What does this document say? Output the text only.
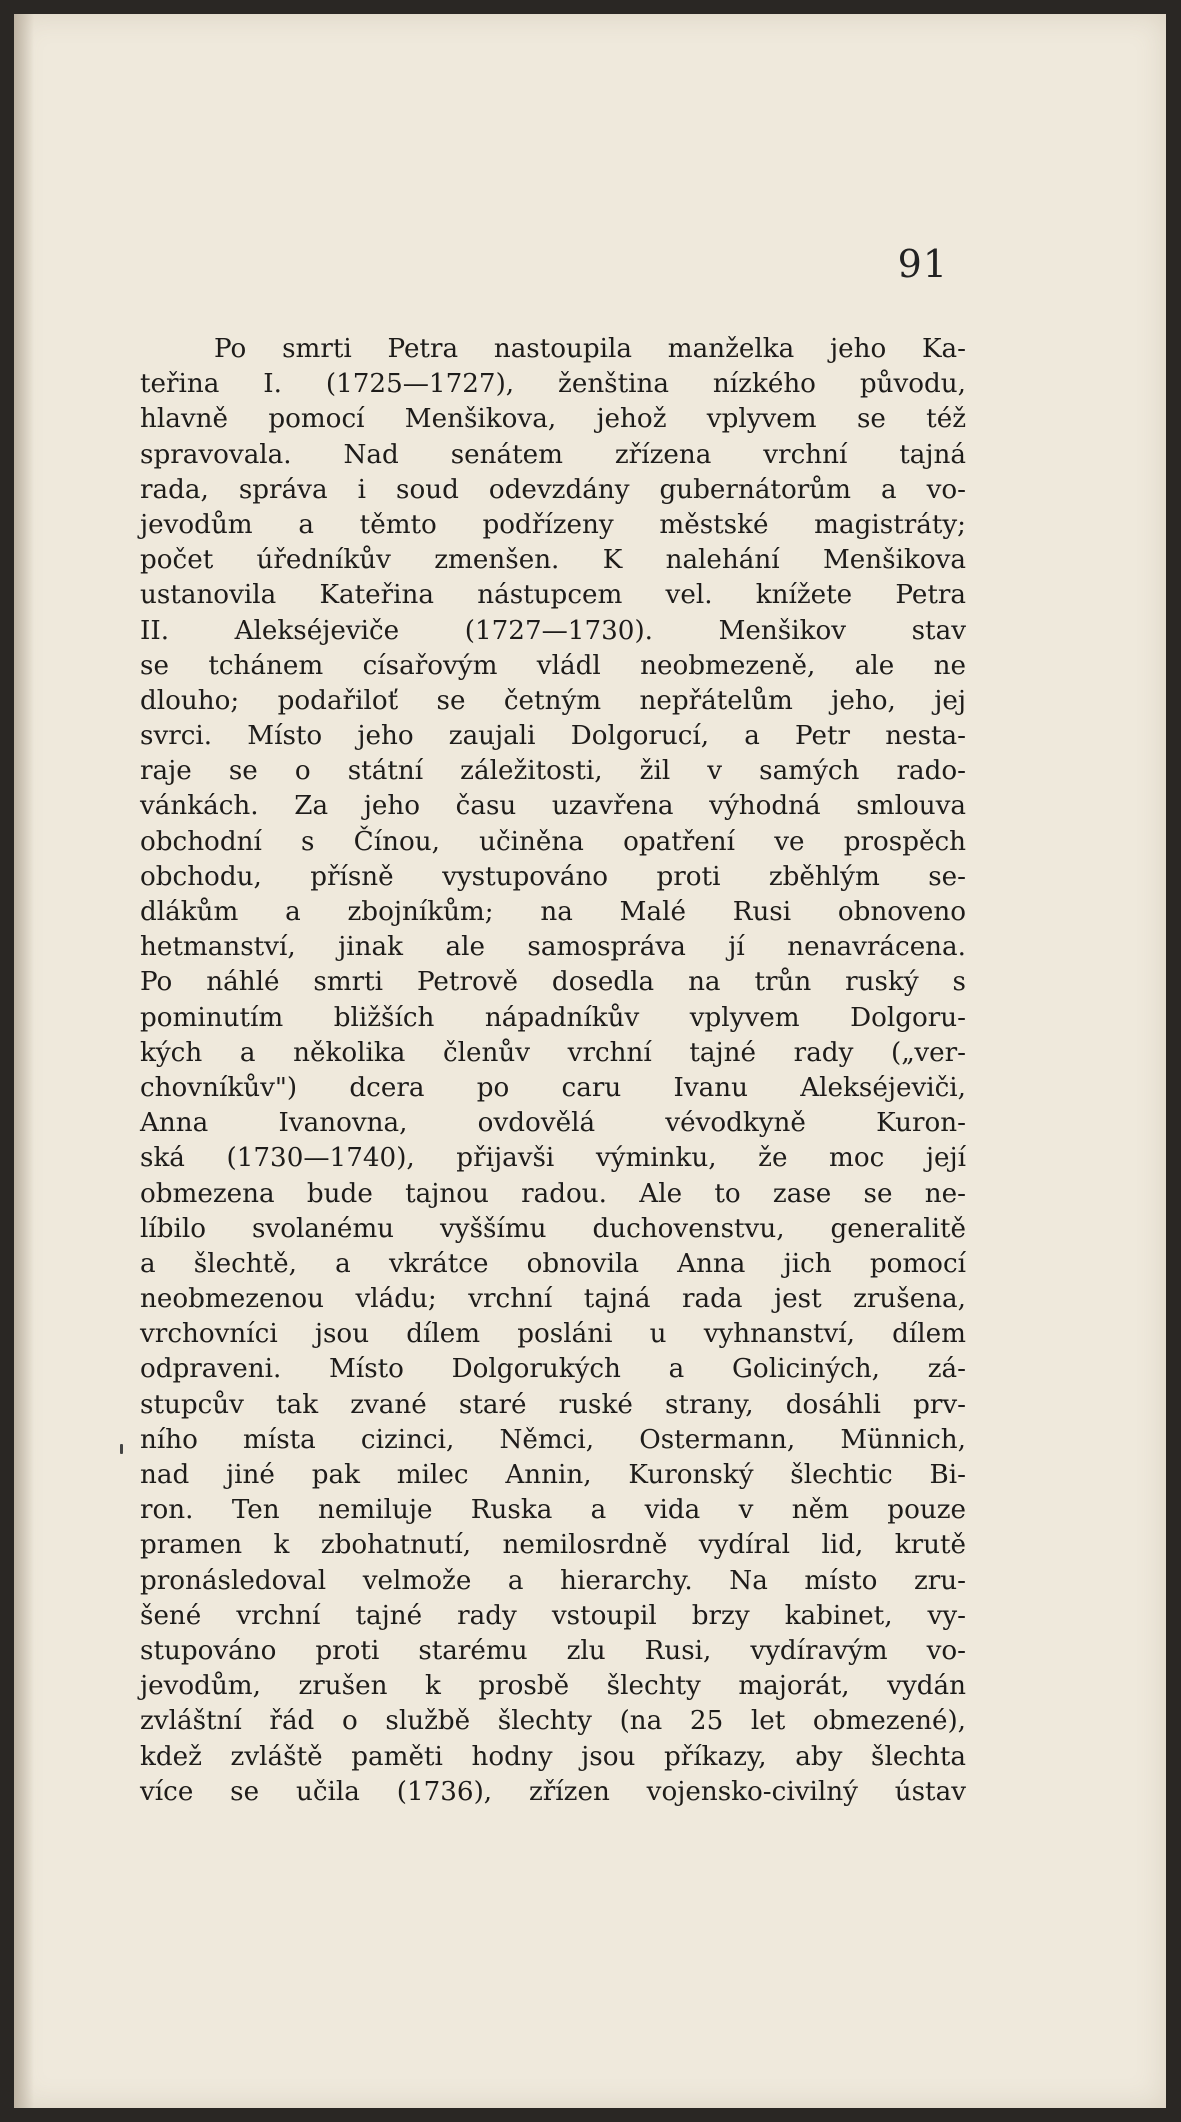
91
Po smrti Petra nastoupila manželka jeho Ka-
teřina I. (1725—1727), ženština nízkého původu,
hlavně pomocí Menšikova, jehož vplyvem se též
spravovala. Nad senátem zřízena vrchní tajná
rada, správa i soud odevzdány gubernátorům a vo-
jevodům a těmto podřízeny městské magistráty;
počet úředníkův zmenšen. K nalehání Menšikova
ustanovila Kateřina nástupcem vel. knížete Petra
II. Alekséjeviče (1727—1730). Menšikov stav
se tchánem císařovým vládl neobmezeně, ale ne
dlouho; podařiloť se četným nepřátelům jeho, jej
svrci. Místo jeho zaujali Dolgorucí, a Petr nesta-
raje se o státní záležitosti, žil v samých rado-
vánkách. Za jeho času uzavřena výhodná smlouva
obchodní s Čínou, učiněna opatření ve prospěch
obchodu, přísně vystupováno proti zběhlým se-
dlákům a zbojníkům; na Malé Rusi obnoveno
hetmanství, jinak ale samospráva jí nenavrácena.
Po náhlé smrti Petrově dosedla na trůn ruský s
pominutím bližších nápadníkův vplyvem Dolgoru-
kých a několika členův vrchní tajné rady („ver-
chovníkův") dcera po caru Ivanu Alekséjeviči,
Anna Ivanovna, ovdovělá vévodkyně Kuron-
ská (1730—1740), přijavši výminku, že moc její
obmezena bude tajnou radou. Ale to zase se ne-
líbilo svolanému vyššímu duchovenstvu, generalitě
a šlechtě, a vkrátce obnovila Anna jich pomocí
neobmezenou vládu; vrchní tajná rada jest zrušena,
vrchovníci jsou dílem posláni u vyhnanství, dílem
odpraveni. Místo Dolgorukých a Goliciných, zá-
stupcův tak zvané staré ruské strany, dosáhli prv-
ního místa cizinci, Němci, Ostermann, Münnich,
nad jiné pak milec Annin, Kuronský šlechtic Bi-
ron. Ten nemiluje Ruska a vida v něm pouze
pramen k zbohatnutí, nemilosrdně vydíral lid, krutě
pronásledoval velmože a hierarchy. Na místo zru-
šené vrchní tajné rady vstoupil brzy kabinet, vy-
stupováno proti starému zlu Rusi, vydíravým vo-
jevodům, zrušen k prosbě šlechty majorát, vydán
zvláštní řád o službě šlechty (na 25 let obmezené),
kdež zvláště paměti hodny jsou příkazy, aby šlechta
více se učila (1736), zřízen vojensko-civilný ústav
